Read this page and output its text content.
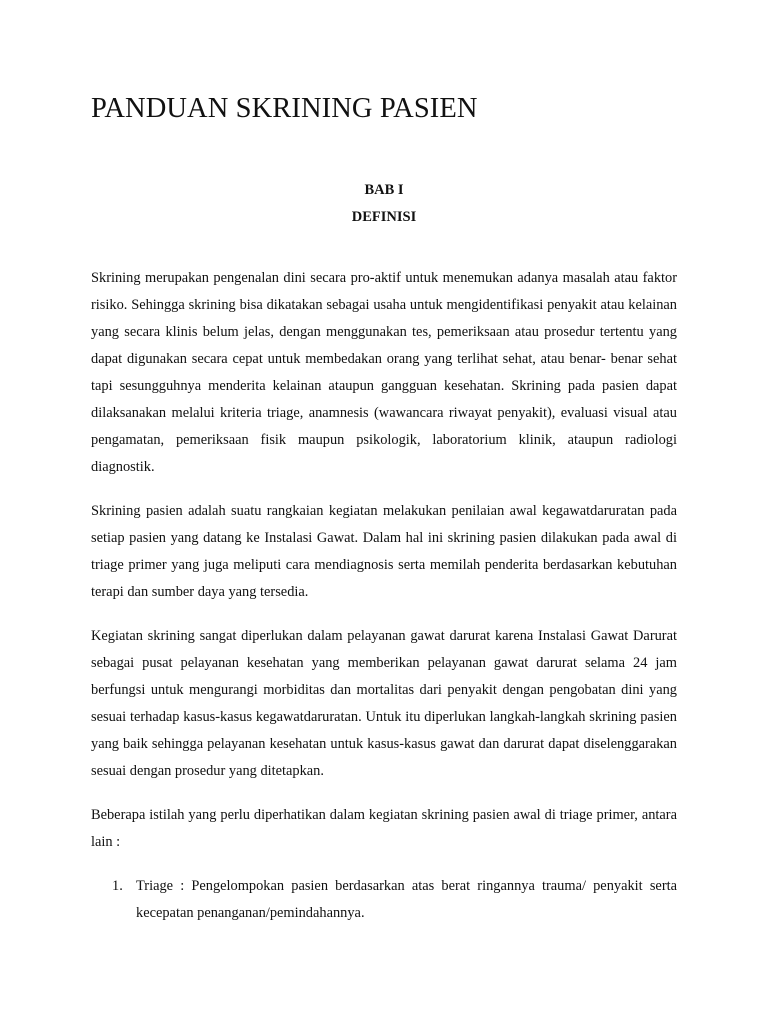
PANDUAN SKRINING PASIEN
BAB I
DEFINISI

Skrining merupakan pengenalan dini secara pro-aktif untuk menemukan adanya masalah atau faktor risiko. Sehingga skrining bisa dikatakan sebagai usaha untuk mengidentifikasi penyakit atau kelainan yang secara klinis belum jelas, dengan menggunakan tes, pemeriksaan atau prosedur tertentu yang dapat digunakan secara cepat untuk membedakan orang yang terlihat sehat, atau benar- benar sehat tapi sesungguhnya menderita kelainan ataupun gangguan kesehatan. Skrining pada pasien dapat dilaksanakan melalui kriteria triage, anamnesis (wawancara riwayat penyakit), evaluasi visual atau pengamatan, pemeriksaan fisik maupun psikologik, laboratorium klinik, ataupun radiologi diagnostik.

Skrining pasien adalah suatu rangkaian kegiatan melakukan penilaian awal kegawatdaruratan pada setiap pasien yang datang ke Instalasi Gawat. Dalam hal ini skrining pasien dilakukan pada awal di triage primer yang juga meliputi cara mendiagnosis serta memilah penderita berdasarkan kebutuhan terapi dan sumber daya yang tersedia.

Kegiatan skrining sangat diperlukan dalam pelayanan gawat darurat karena Instalasi Gawat Darurat sebagai pusat pelayanan kesehatan yang memberikan pelayanan gawat darurat selama 24 jam berfungsi untuk mengurangi morbiditas dan mortalitas dari penyakit dengan pengobatan dini yang sesuai terhadap kasus-kasus kegawatdaruratan. Untuk itu diperlukan langkah-langkah skrining pasien yang baik sehingga pelayanan kesehatan untuk kasus-kasus gawat dan darurat dapat diselenggarakan sesuai dengan prosedur yang ditetapkan.

Beberapa istilah yang perlu diperhatikan dalam kegiatan skrining pasien awal di triage primer, antara lain :

1. Triage : Pengelompokan pasien berdasarkan atas berat ringannya trauma/ penyakit serta kecepatan penanganan/pemindahannya.
